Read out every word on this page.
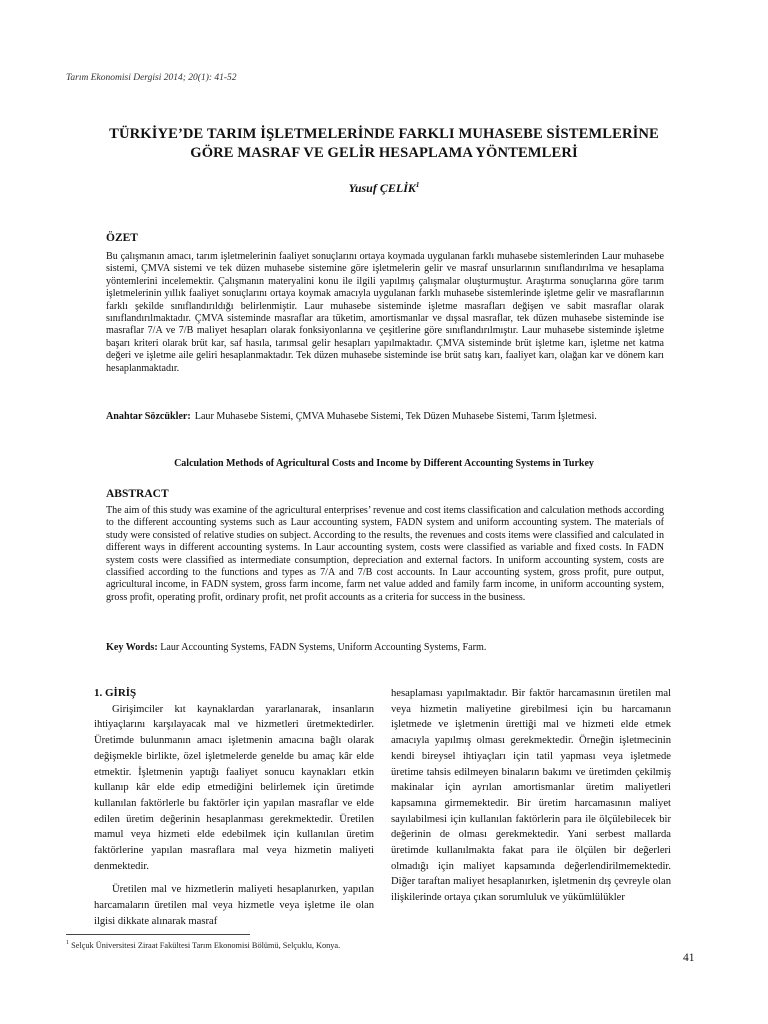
Tarım Ekonomisi Dergisi 2014; 20(1): 41-52
TÜRKİYE’DE TARIM İŞLETMELERİNDE FARKLI MUHASEBE SİSTEMLERİNE
GÖRE MASRAF VE GELİR HESAPLAMA YÖNTEMLERİ
Yusuf ÇELİK$^1$
ÖZET

Bu çalışmanın amacı, tarım işletmelerinin faaliyet sonuçlarını ortaya koymada uygulanan farklı muhasebe sistemlerinden Laur muhasebe sistemi, ÇMVA sistemi ve tek düzen muhasebe sistemine göre işletmelerin gelir ve masraf unsurlarının sınıflandırılma ve hesaplama yöntemlerini incelemektir. Çalışmanın materyalini konu ile ilgili yapılmış çalışmalar oluşturmuştur. Araştırma sonuçlarına göre tarım işletmelerinin yıllık faaliyet sonuçlarını ortaya koymak amacıyla uygulanan farklı muhasebe sistemlerinde işletme gelir ve masraflarının farklı şekilde sınıflandırıldığı belirlenmiştir. Laur muhasebe sisteminde işletme masrafları değişen ve sabit masraflar olarak sınıflandırılmaktadır. ÇMVA sisteminde masraflar ara tüketim, amortismanlar ve dışsal masraflar, tek düzen muhasebe sisteminde ise masraflar 7/A ve 7/B maliyet hesapları olarak fonksiyonlarına ve çeşitlerine göre sınıflandırılmıştır. Laur muhasebe sisteminde işletme başarı kriteri olarak brüt kar, saf hasıla, tarımsal gelir hesapları yapılmaktadır. ÇMVA sisteminde brüt işletme karı, işletme net katma değeri ve işletme aile geliri hesaplanmaktadır. Tek düzen muhasebe sisteminde ise brüt satış karı, faaliyet karı, olağan kar ve dönem karı hesaplanmaktadır.

Anahtar Sözcükler: Laur Muhasebe Sistemi, ÇMVA Muhasebe Sistemi, Tek Düzen Muhasebe Sistemi, Tarım İşletmesi.
Calculation Methods of Agricultural Costs and Income by Different Accounting Systems in Turkey
ABSTRACT

The aim of this study was examine of the agricultural enterprises’ revenue and cost items classification and calculation methods according to the different accounting systems such as Laur accounting system, FADN system and uniform accounting system. The materials of study were consisted of relative studies on subject. According to the results, the revenues and costs items were classified and calculated in different ways in different accounting systems. In Laur accounting system, costs were classified as variable and fixed costs. In FADN system costs were classified as intermediate consumption, depreciation and external factors. In uniform accounting system, costs are classified according to the functions and types as 7/A and 7/B cost accounts. In Laur accounting system, gross profit, pure output, agricultural income, in FADN system, gross farm income, farm net value added and family farm income, in uniform accounting system, gross profit, operating profit, ordinary profit, net profit accounts as a criteria for success in the business.

Key Words: Laur Accounting Systems, FADN Systems, Uniform Accounting Systems, Farm.

1. GİRİŞ

Girişimciler kıt kaynaklardan yararlanarak, insanların ihtiyaçlarını karşılayacak mal ve hizmetleri üretmektedirler. Üretimde bulunmanın amacı işletmenin amacına bağlı olarak değişmekle birlikte, özel işletmelerde genelde bu amaç kâr elde etmektir. İşletmenin yaptığı faaliyet sonucu kaynakları etkin kullanıp kâr elde edip etmediğini belirlemek için üretimde kullanılan faktörlerle bu faktörler için yapılan masraflar ve elde edilen üretim değerinin hesaplanması gerekmektedir. Üretilen mamul veya hizmeti elde edebilmek için kullanılan üretim faktörlerine yapılan masraflara mal veya hizmetin maliyeti denmektedir.

Üretilen mal ve hizmetlerin maliyeti hesaplanırken, yapılan harcamaların üretilen mal veya hizmetle veya işletme ile olan ilgisi dikkate alınarak masraf

hesaplaması yapılmaktadır. Bir faktör harcamasının üretilen mal veya hizmetin maliyetine girebilmesi için bu harcamanın işletmede ve işletmenin ürettiği mal ve hizmeti elde etmek amacıyla yapılmış olması gerekmektedir. Örneğin işletmecinin kendi bireysel ihtiyaçları için tatil yapması veya işletmede üretime tahsis edilmeyen binaların bakımı ve üretimden çekilmiş makinalar için ayrılan amortismanlar üretim maliyetleri kapsamına girmemektedir. Bir üretim harcamasının maliyet sayılabilmesi için kullanılan faktörlerin para ile ölçülebilecek bir değerinin de olması gerekmektedir. Yani serbest mallarda üretimde kullanılmakta fakat para ile ölçülen bir değerleri olmadığı için maliyet kapsamında değerlendirilmemektedir. Diğer taraftan maliyet hesaplanırken, işletmenin dış çevreyle olan ilişkilerinde ortaya çıkan sorumluluk ve yükümlülükler

$^1$ Selçuk Üniversitesi Ziraat Fakültesi Tarım Ekonomisi Bölümü, Selçuklu, Konya.
41
